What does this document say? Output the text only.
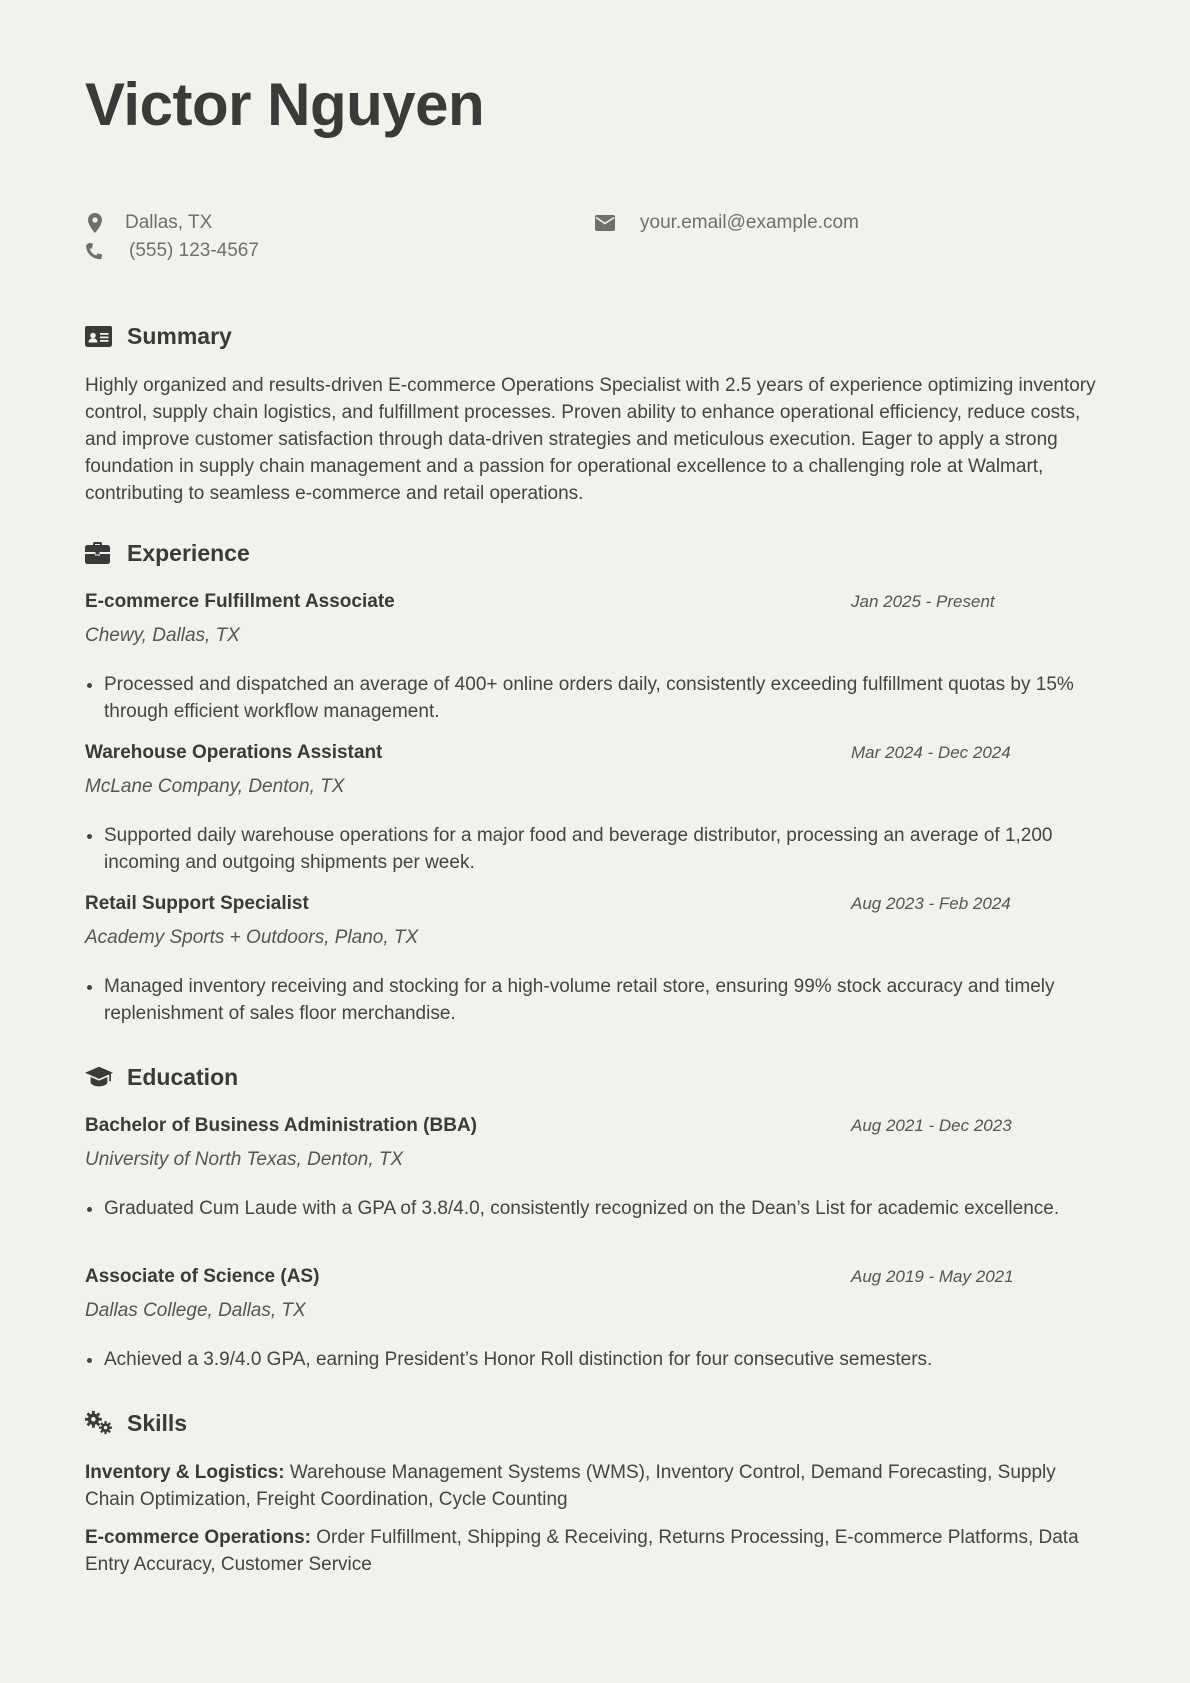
Victor Nguyen
Dallas, TX
(555) 123-4567
your.email@example.com
Summary

Highly organized and results-driven E-commerce Operations Specialist with 2.5 years of experience optimizing inventory control, supply chain logistics, and fulfillment processes. Proven ability to enhance operational efficiency, reduce costs, and improve customer satisfaction through data-driven strategies and meticulous execution. Eager to apply a strong foundation in supply chain management and a passion for operational excellence to a challenging role at Walmart, contributing to seamless e-commerce and retail operations.

Experience
E-commerce Fulfillment Associate	Jan 2025 - Present
Chewy, Dallas, TX
• Processed and dispatched an average of 400+ online orders daily, consistently exceeding fulfillment quotas by 15% through efficient workflow management.
Warehouse Operations Assistant	Mar 2024 - Dec 2024
McLane Company, Denton, TX
• Supported daily warehouse operations for a major food and beverage distributor, processing an average of 1,200 incoming and outgoing shipments per week.
Retail Support Specialist	Aug 2023 - Feb 2024
Academy Sports + Outdoors, Plano, TX
• Managed inventory receiving and stocking for a high-volume retail store, ensuring 99% stock accuracy and timely replenishment of sales floor merchandise.
Education
Bachelor of Business Administration (BBA)	Aug 2021 - Dec 2023
University of North Texas, Denton, TX
• Graduated Cum Laude with a GPA of 3.8/4.0, consistently recognized on the Dean’s List for academic excellence.
Associate of Science (AS)	Aug 2019 - May 2021
Dallas College, Dallas, TX
• Achieved a 3.9/4.0 GPA, earning President’s Honor Roll distinction for four consecutive semesters.
Skills

Inventory & Logistics: Warehouse Management Systems (WMS), Inventory Control, Demand Forecasting, Supply Chain Optimization, Freight Coordination, Cycle Counting

E-commerce Operations: Order Fulfillment, Shipping & Receiving, Returns Processing, E-commerce Platforms, Data Entry Accuracy, Customer Service
